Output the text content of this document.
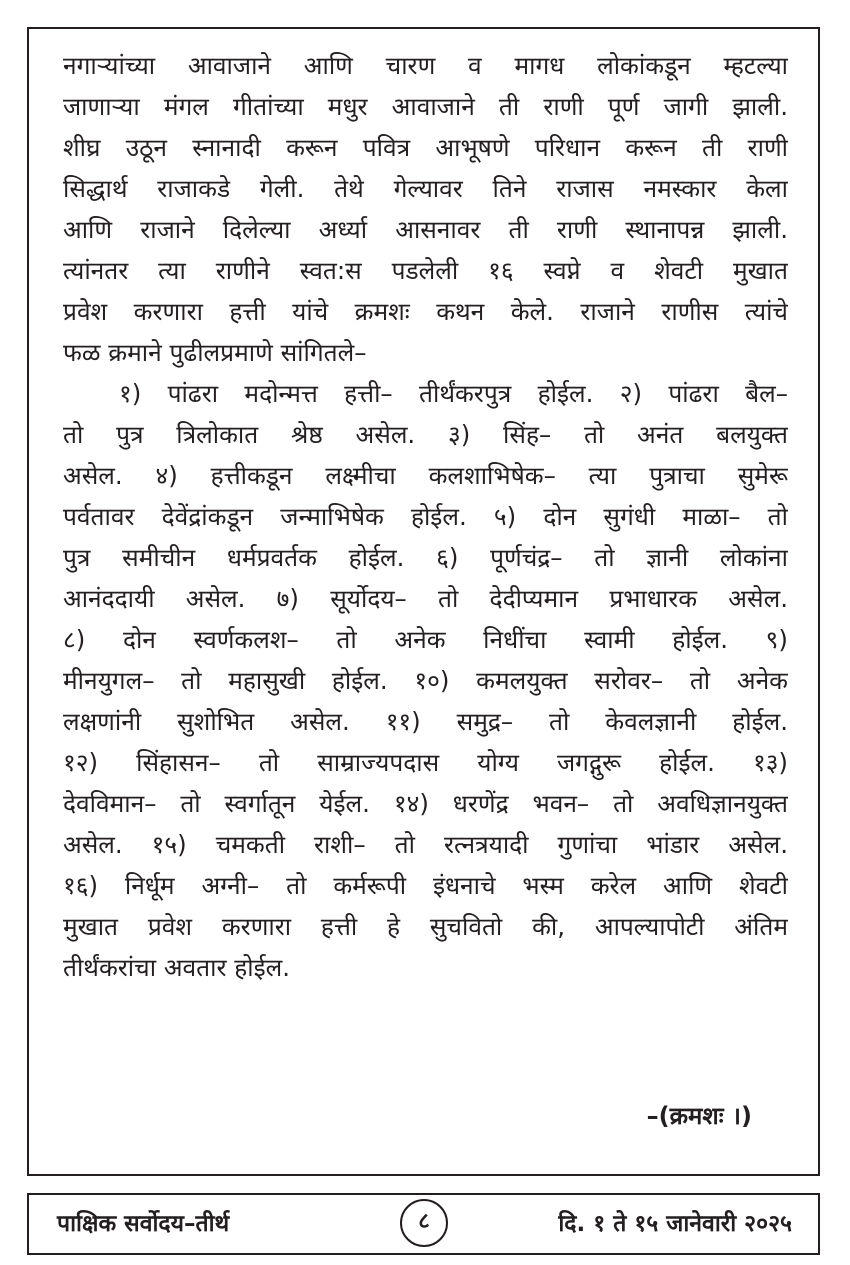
नगाऱ्यांच्या आवाजाने आणि चारण व मागध लोकांकडून म्हटल्या
जाणाऱ्या मंगल गीतांच्या मधुर आवाजाने ती राणी पूर्ण जागी झाली.
शीघ्र उठून स्नानादी करून पवित्र आभूषणे परिधान करून ती राणी
सिद्धार्थ राजाकडे गेली. तेथे गेल्यावर तिने राजास नमस्कार केला
आणि राजाने दिलेल्या अर्ध्या आसनावर ती राणी स्थानापन्न झाली.
त्यांनतर त्या राणीने स्वत:स पडलेली १६ स्वप्ने व शेवटी मुखात
प्रवेश करणारा हत्ती यांचे क्रमशः कथन केले. राजाने राणीस त्यांचे
फळ क्रमाने पुढीलप्रमाणे सांगितले–
१) पांढरा मदोन्मत्त हत्ती– तीर्थंकरपुत्र होईल. २) पांढरा बैल–
तो पुत्र त्रिलोकात श्रेष्ठ असेल. ३) सिंह– तो अनंत बलयुक्त
असेल. ४) हत्तीकडून लक्ष्मीचा कलशाभिषेक– त्या पुत्राचा सुमेरू
पर्वतावर देवेंद्रांकडून जन्माभिषेक होईल. ५) दोन सुगंधी माळा– तो
पुत्र समीचीन धर्मप्रवर्तक होईल. ६) पूर्णचंद्र– तो ज्ञानी लोकांना
आनंददायी असेल. ७) सूर्योदय– तो देदीप्यमान प्रभाधारक असेल.
८) दोन स्वर्णकलश– तो अनेक निधींचा स्वामी होईल. ९)
मीनयुगल– तो महासुखी होईल. १०) कमलयुक्त सरोवर– तो अनेक
लक्षणांनी सुशोभित असेल. ११) समुद्र– तो केवलज्ञानी होईल.
१२) सिंहासन– तो साम्राज्यपदास योग्य जगद्गुरू होईल. १३)
देवविमान– तो स्वर्गातून येईल. १४) धरणेंद्र भवन– तो अवधिज्ञानयुक्त
असेल. १५) चमकती राशी– तो रत्नत्रयादी गुणांचा भांडार असेल.
१६) निर्धूम अग्नी– तो कर्मरूपी इंधनाचे भस्म करेल आणि शेवटी
मुखात प्रवेश करणारा हत्ती हे सुचवितो की, आपल्यापोटी अंतिम
तीर्थंकरांचा अवतार होईल.
–(क्रमशः ।)
पाक्षिक सर्वोदय–तीर्थ	८	दि. १ ते १५ जानेवारी २०२५
